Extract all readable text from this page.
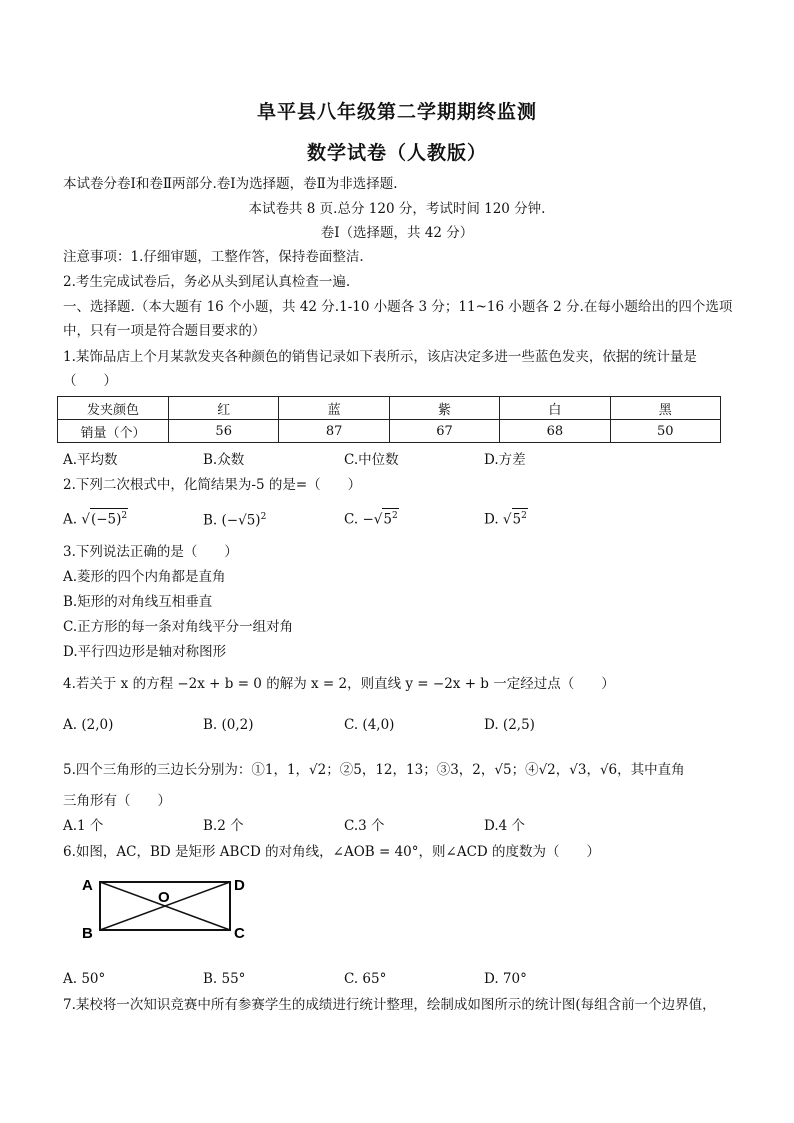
阜平县八年级第二学期期终监测
数学试卷（人教版）
本试卷分卷Ⅰ和卷Ⅱ两部分.卷Ⅰ为选择题，卷Ⅱ为非选择题.
本试卷共 8 页.总分 120 分，考试时间 120 分钟.
卷Ⅰ（选择题，共 42 分）
注意事项：1.仔细审题，工整作答，保持卷面整洁.
2.考生完成试卷后，务必从头到尾认真检查一遍.
一、选择题.（本大题有 16 个小题，共 42 分.1-10 小题各 3 分；11~16 小题各 2 分.在每小题给出的四个选项
中，只有一项是符合题目要求的）
1.某饰品店上个月某款发夹各种颜色的销售记录如下表所示，该店决定多进一些蓝色发夹，依据的统计量是
（　　）
发夹颜色	红	蓝	紫	白	黑
销量（个）	56	87	67	68	50
A.平均数	B.众数	C.中位数	D.方差
2.下列二次根式中，化简结果为-5 的是=（　　）
A. $√(-5)^2$	B. $(-√5)^2$	C. $-√5^2$	D. $√5^2$
3.下列说法正确的是（　　）
A.菱形的四个内角都是直角
B.矩形的对角线互相垂直
C.正方形的每一条对角线平分一组对角
D.平行四边形是轴对称图形
4.若关于 x 的方程 −2x + b = 0 的解为 x = 2，则直线 y = −2x + b 一定经过点（　　）
A. (2,0)	B. (0,2)	C. (4,0)	D. (2,5)
5.四个三角形的三边长分别为：①1，1，√2；②5，12，13；③3，2，√5；④√2，√3，√6，其中直角
三角形有（　　）
A.1 个	B.2 个	C.3 个	D.4 个
6.如图，AC，BD 是矩形 ABCD 的对角线，∠AOB = 40°，则∠ACD 的度数为（　　）
A
B	C
D
O
A. 50°	B. 55°	C. 65°	D. 70°
7.某校将一次知识竞赛中所有参赛学生的成绩进行统计整理，绘制成如图所示的统计图(每组含前一个边界值，
